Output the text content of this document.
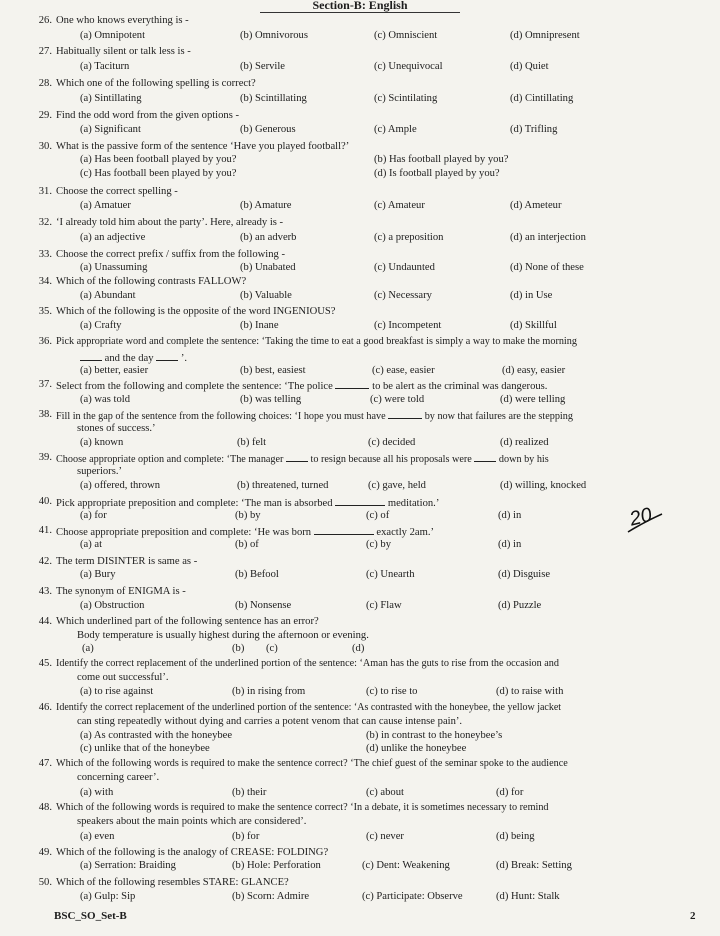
Section-B: English
26. One who knows everything is -
(a) Omnipotent	(b) Omnivorous	(c) Omniscient	(d) Omnipresent
27. Habitually silent or talk less is -
(a) Taciturn	(b) Servile	(c) Unequivocal	(d) Quiet
28. Which one of the following spelling is correct?
(a) Sintillating	(b) Scintillating	(c) Scintilating	(d) Cintillating
29. Find the odd word from the given options -
(a) Significant	(b) Generous	(c) Ample	(d) Trifling
30. What is the passive form of the sentence ‘Have you played football?’
(a) Has been football played by you?	(b) Has football played by you?
(c) Has football been played by you?	(d) Is football played by you?
31. Choose the correct spelling -
(a) Amatuer	(b) Amature	(c) Amateur	(d) Ameteur
32. ‘I already told him about the party’. Here, already is -
(a) an adjective	(b) an adverb	(c) a preposition	(d) an interjection
33. Choose the correct prefix / suffix from the following -
(a) Unassuming	(b) Unabated	(c) Undaunted	(d) None of these
34. Which of the following contrasts FALLOW?
(a) Abundant	(b) Valuable	(c) Necessary	(d) in Use
35. Which of the following is the opposite of the word INGENIOUS?
(a) Crafty	(b) Inane	(c) Incompetent	(d) Skillful
36. Pick appropriate word and complete the sentence: ‘Taking the time to eat a good breakfast is simply a way to make the morning
and the day	’.
(a) better, easier	(b) best, easiest	(c) ease, easier	(d) easy, easier
37. Select from the following and complete the sentence: ‘The police	to be alert as the criminal was dangerous.
(a) was told	(b) was telling	(c) were told	(d) were telling
38. Fill in the gap of the sentence from the following choices: ‘I hope you must have	by now that failures are the stepping
stones of success.’
(a) known	(b) felt	(c) decided	(d) realized
39. Choose appropriate option and complete: ‘The manager	to resign because all his proposals were	down by his
superiors.’
(a) offered, thrown	(b) threatened, turned	(c) gave, held	(d) willing, knocked
40. Pick appropriate preposition and complete: ‘The man is absorbed	meditation.’
(a) for	(b) by	(c) of	(d) in
41. Choose appropriate preposition and complete: ‘He was born	exactly 2am.’
(a) at	(b) of	(c) by	(d) in
42. The term DISINTER is same as -
(a) Bury	(b) Befool	(c) Unearth	(d) Disguise
43. The synonym of ENIGMA is -
(a) Obstruction	(b) Nonsense	(c) Flaw	(d) Puzzle
44. Which underlined part of the following sentence has an error?
Body temperature is usually highest during the afternoon or evening.
(a)	(b) (c)	(d)
45. Identify the correct replacement of the underlined portion of the sentence: ‘Aman has the guts to rise from the occasion and
come out successful’.
(a) to rise against	(b) in rising from	(c) to rise to	(d) to raise with
46. Identify the correct replacement of the underlined portion of the sentence: ‘As contrasted with the honeybee, the yellow jacket
can sting repeatedly without dying and carries a potent venom that can cause intense pain’.
(a) As contrasted with the honeybee	(b) in contrast to the honeybee’s
(c) unlike that of the honeybee	(d) unlike the honeybee
47. Which of the following words is required to make the sentence correct? ‘The chief guest of the seminar spoke to the audience
concerning career’.
(a) with	(b) their	(c) about	(d) for
48. Which of the following words is required to make the sentence correct? ‘In a debate, it is sometimes necessary to remind
speakers about the main points which are considered’.
(a) even	(b) for	(c) never	(d) being
49. Which of the following is the analogy of CREASE: FOLDING?
(a) Serration: Braiding	(b) Hole: Perforation	(c) Dent: Weakening	(d) Break: Setting
50. Which of the following resembles STARE: GLANCE?
(a) Gulp: Sip	(b) Scorn: Admire	(c) Participate: Observe	(d) Hunt: Stalk
20
BSC_SO_Set-B	2
